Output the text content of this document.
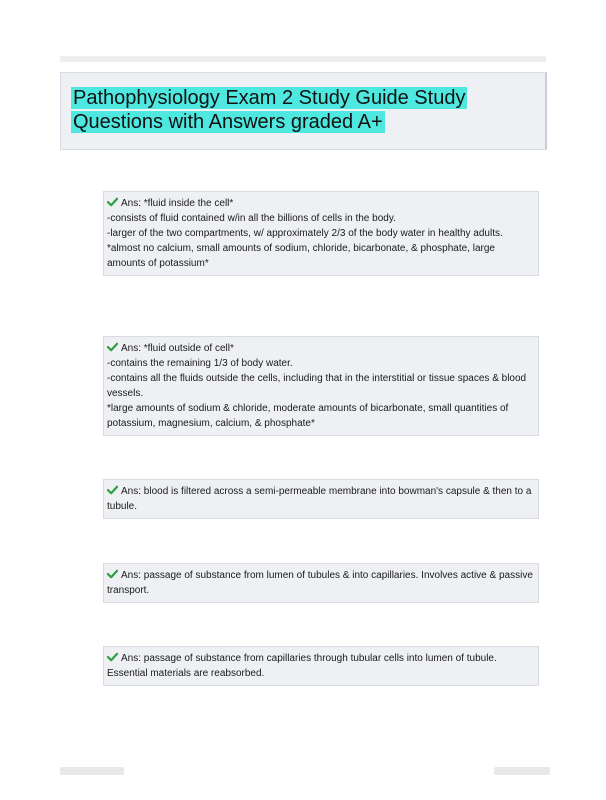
Pathophysiology Exam 2 Study Guide Study Questions with Answers graded A+

Ans: *fluid inside the cell*

-consists of fluid contained w/in all the billions of cells in the body.

-larger of the two compartments, w/ approximately 2/3 of the body water in healthy adults.

*almost no calcium, small amounts of sodium, chloride, bicarbonate, & phosphate, large amounts of potassium*

Ans: *fluid outside of cell*

-contains the remaining 1/3 of body water.

-contains all the fluids outside the cells, including that in the interstitial or tissue spaces & blood vessels.

*large amounts of sodium & chloride, moderate amounts of bicarbonate, small quantities of potassium, magnesium, calcium, & phosphate*

Ans: blood is filtered across a semi-permeable membrane into bowman's capsule & then to a tubule.

Ans: passage of substance from lumen of tubules & into capillaries. Involves active & passive transport.

Ans: passage of substance from capillaries through tubular cells into lumen of tubule. Essential materials are reabsorbed.
